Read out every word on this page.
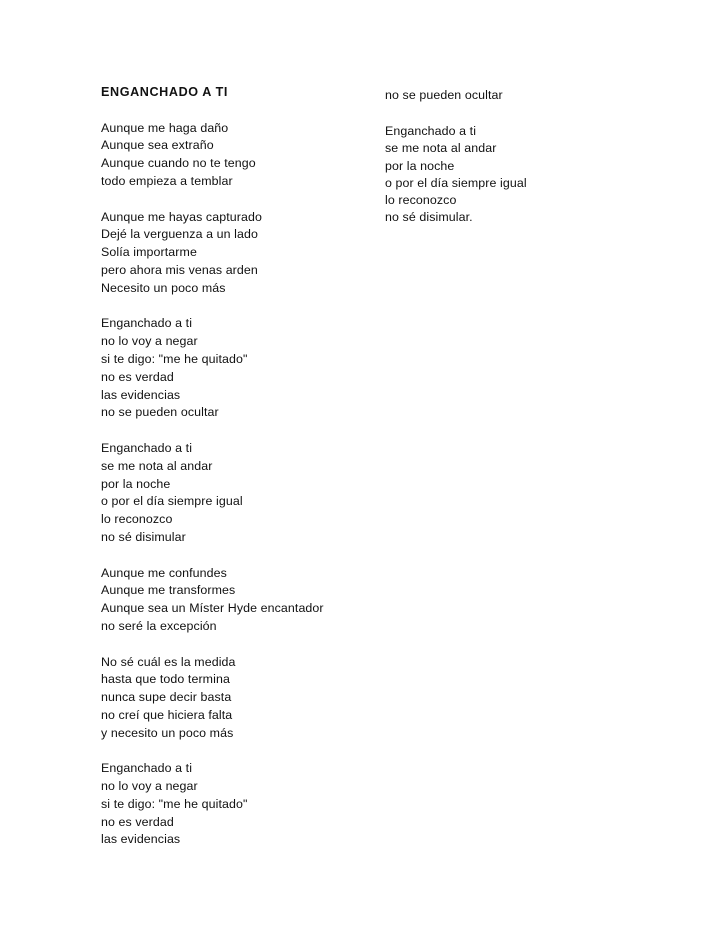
ENGANCHADO A TI
Aunque me haga daño
Aunque sea extraño
Aunque cuando no te tengo
todo empieza a temblar
Aunque me hayas capturado
Dejé la verguenza a un lado
Solía importarme
pero ahora mis venas arden
Necesito un poco más
Enganchado a ti
no lo voy a negar
si te digo: "me he quitado"
no es verdad
las evidencias
no se pueden ocultar
Enganchado a ti
se me nota al andar
por la noche
o por el día siempre igual
lo reconozco
no sé disimular
Aunque me confundes
Aunque me transformes
Aunque sea un Míster Hyde encantador
no seré la excepción
No sé cuál es la medida
hasta que todo termina
nunca supe decir basta
no creí que hiciera falta
y necesito un poco más
Enganchado a ti
no lo voy a negar
si te digo: "me he quitado"
no es verdad
las evidencias
no se pueden ocultar
Enganchado a ti
se me nota al andar
por la noche
o por el día siempre igual
lo reconozco
no sé disimular.
